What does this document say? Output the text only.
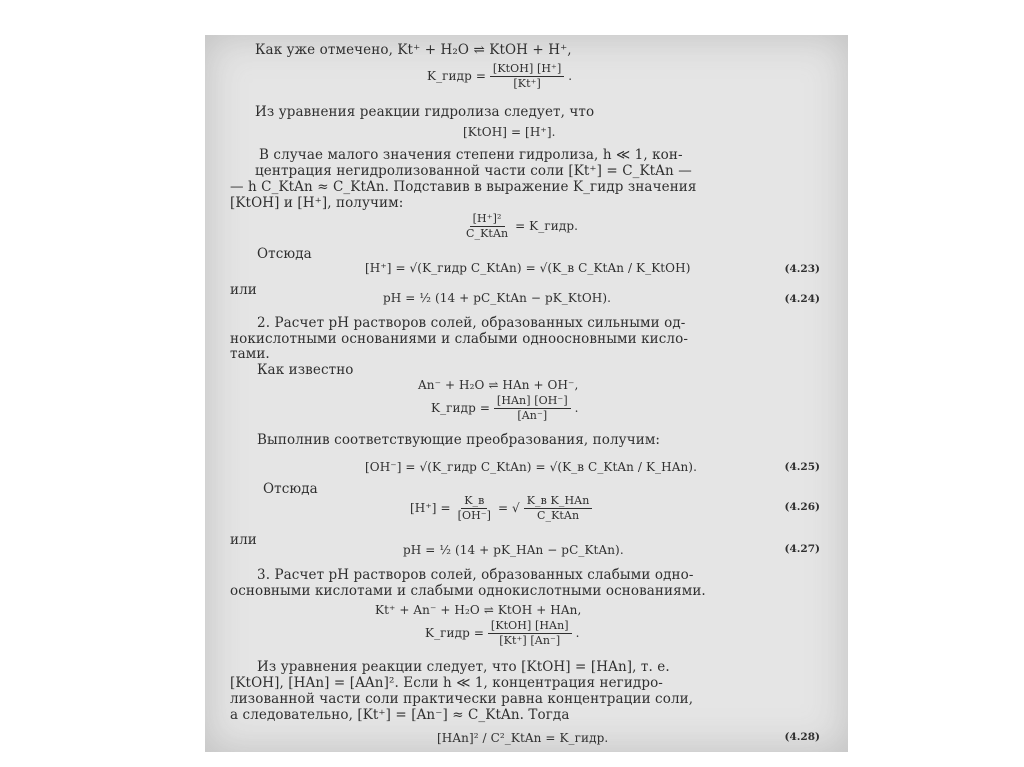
Как уже отмечено, Kt⁺ + H₂O ⇌ KtOH + H⁺,
K_гидр = $\frac{\text{[KtOH] [H⁺]}}{[Kt^+]}$ .
Из уравнения реакции гидролиза следует, что
[KtOH] = [H⁺].
В случае малого значения степени гидролиза, h ≪ 1, кон-
центрация негидролизованной части соли [Kt⁺] = C_KtAn —
— h C_KtAn ≈ C_KtAn. Подставив в выражение K_гидр значения
[KtOH] и [H⁺], получим:
$\frac{\text{[H⁺]²}}{\text{C\_KtAn}}$ = K_гидр.
Отсюда
[H⁺] = √(K_гидр C_KtAn) = √(K_в C_KtAn / K_KtOH)	(4.23)
или	pH = ½ (14 + pC_KtAn − pK_KtOH).	(4.24)
2. Расчет pH растворов солей, образованных сильными од-
нокислотными основаниями и слабыми одноосновными кисло-
тами.
Как известно
An⁻ + H₂O ⇌ HAn + OH⁻,
K_гидр = $\frac{\text{[HAn] [OH⁻]}}{[An^-]}$ .
Выполнив соответствующие преобразования, получим:
[OH⁻] = √(K_гидр C_KtAn) = √(K_в C_KtAn / K_HAn).	(4.25)
Отсюда
$[H^+] = \frac{K\_в}{[OH^-]}$ = √ $\frac{\text{K\_в K\_HAn}}{\text{C\_KtAn}}$	(4.26)
или
pH = ½ (14 + pK_HAn − pC_KtAn).	(4.27)
3. Расчет pH растворов солей, образованных слабыми одно-
основными кислотами и слабыми однокислотными основаниями.
Kt⁺ + An⁻ + H₂O ⇌ KtOH + HAn,
K_гидр = $\frac{\text{[KtOH] [HAn]}}{[Kt^+] [An^-]}$ .
Из уравнения реакции следует, что [KtOH] = [HAn], т. е.
[KtOH], [HAn] = [AAn]². Если h ≪ 1, концентрация негидро-
лизованной части соли практически равна концентрации соли,
а следовательно, [Kt⁺] = [An⁻] ≈ C_KtAn. Тогда
[HAn]² / C²_KtAn = K_гидр.	(4.28)
